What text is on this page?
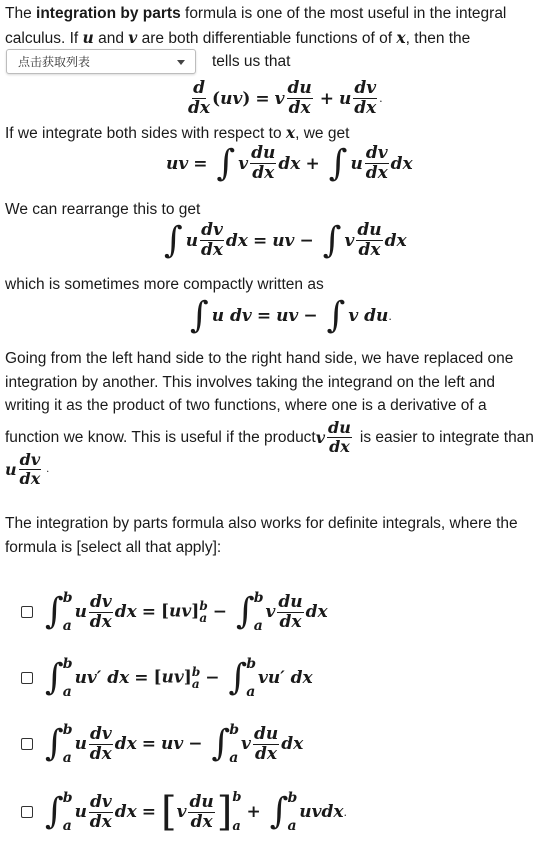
The integration by parts formula is one of the most useful in the integral calculus. If u and v are both differentiable functions of of x, then the
点击获取列表	tells us that
$\frac{d}{dx} (uv) = v \frac{du}{dx} + u \frac{dv}{dx}$ .
If we integrate both sides with respect to x, we get
uv = ∫ v $\frac{du}{dx}$ dx + ∫ u $\frac{dv}{dx}$ dx
We can rearrange this to get
∫ u $\frac{dv}{dx}$ dx = uv − ∫ v $\frac{du}{dx}$ dx
which is sometimes more compactly written as
∫ u dv = uv − ∫ v du .
Going from the left hand side to the right hand side, we have replaced one
integration by another. This involves taking the integrand on the left and
writing it as the product of two functions, where one is a derivative of a
function we know. This is useful if the product v $\frac{du}{dx}$ is easier to integrate than
u $\frac{dv}{dx}$ .
The integration by parts formula also works for definite integrals, where the
formula is [select all that apply]:
∫ b
a
u $\frac{dv}{dx}$ dx = [uv] b
a − ∫ b
a
v $\frac{du}{dx}$ dx
∫ b
a
uv′ dx = [uv] b
a − ∫ b
a
vu′ dx
∫ b
a
u $\frac{dv}{dx}$ dx = uv − ∫ b
a
v $\frac{du}{dx}$ dx
∫ b
a
u $\frac{dv}{dx}$ dx = [ v $\frac{du}{dx}$ ] b
a
+ ∫ b
a
uvdx .
